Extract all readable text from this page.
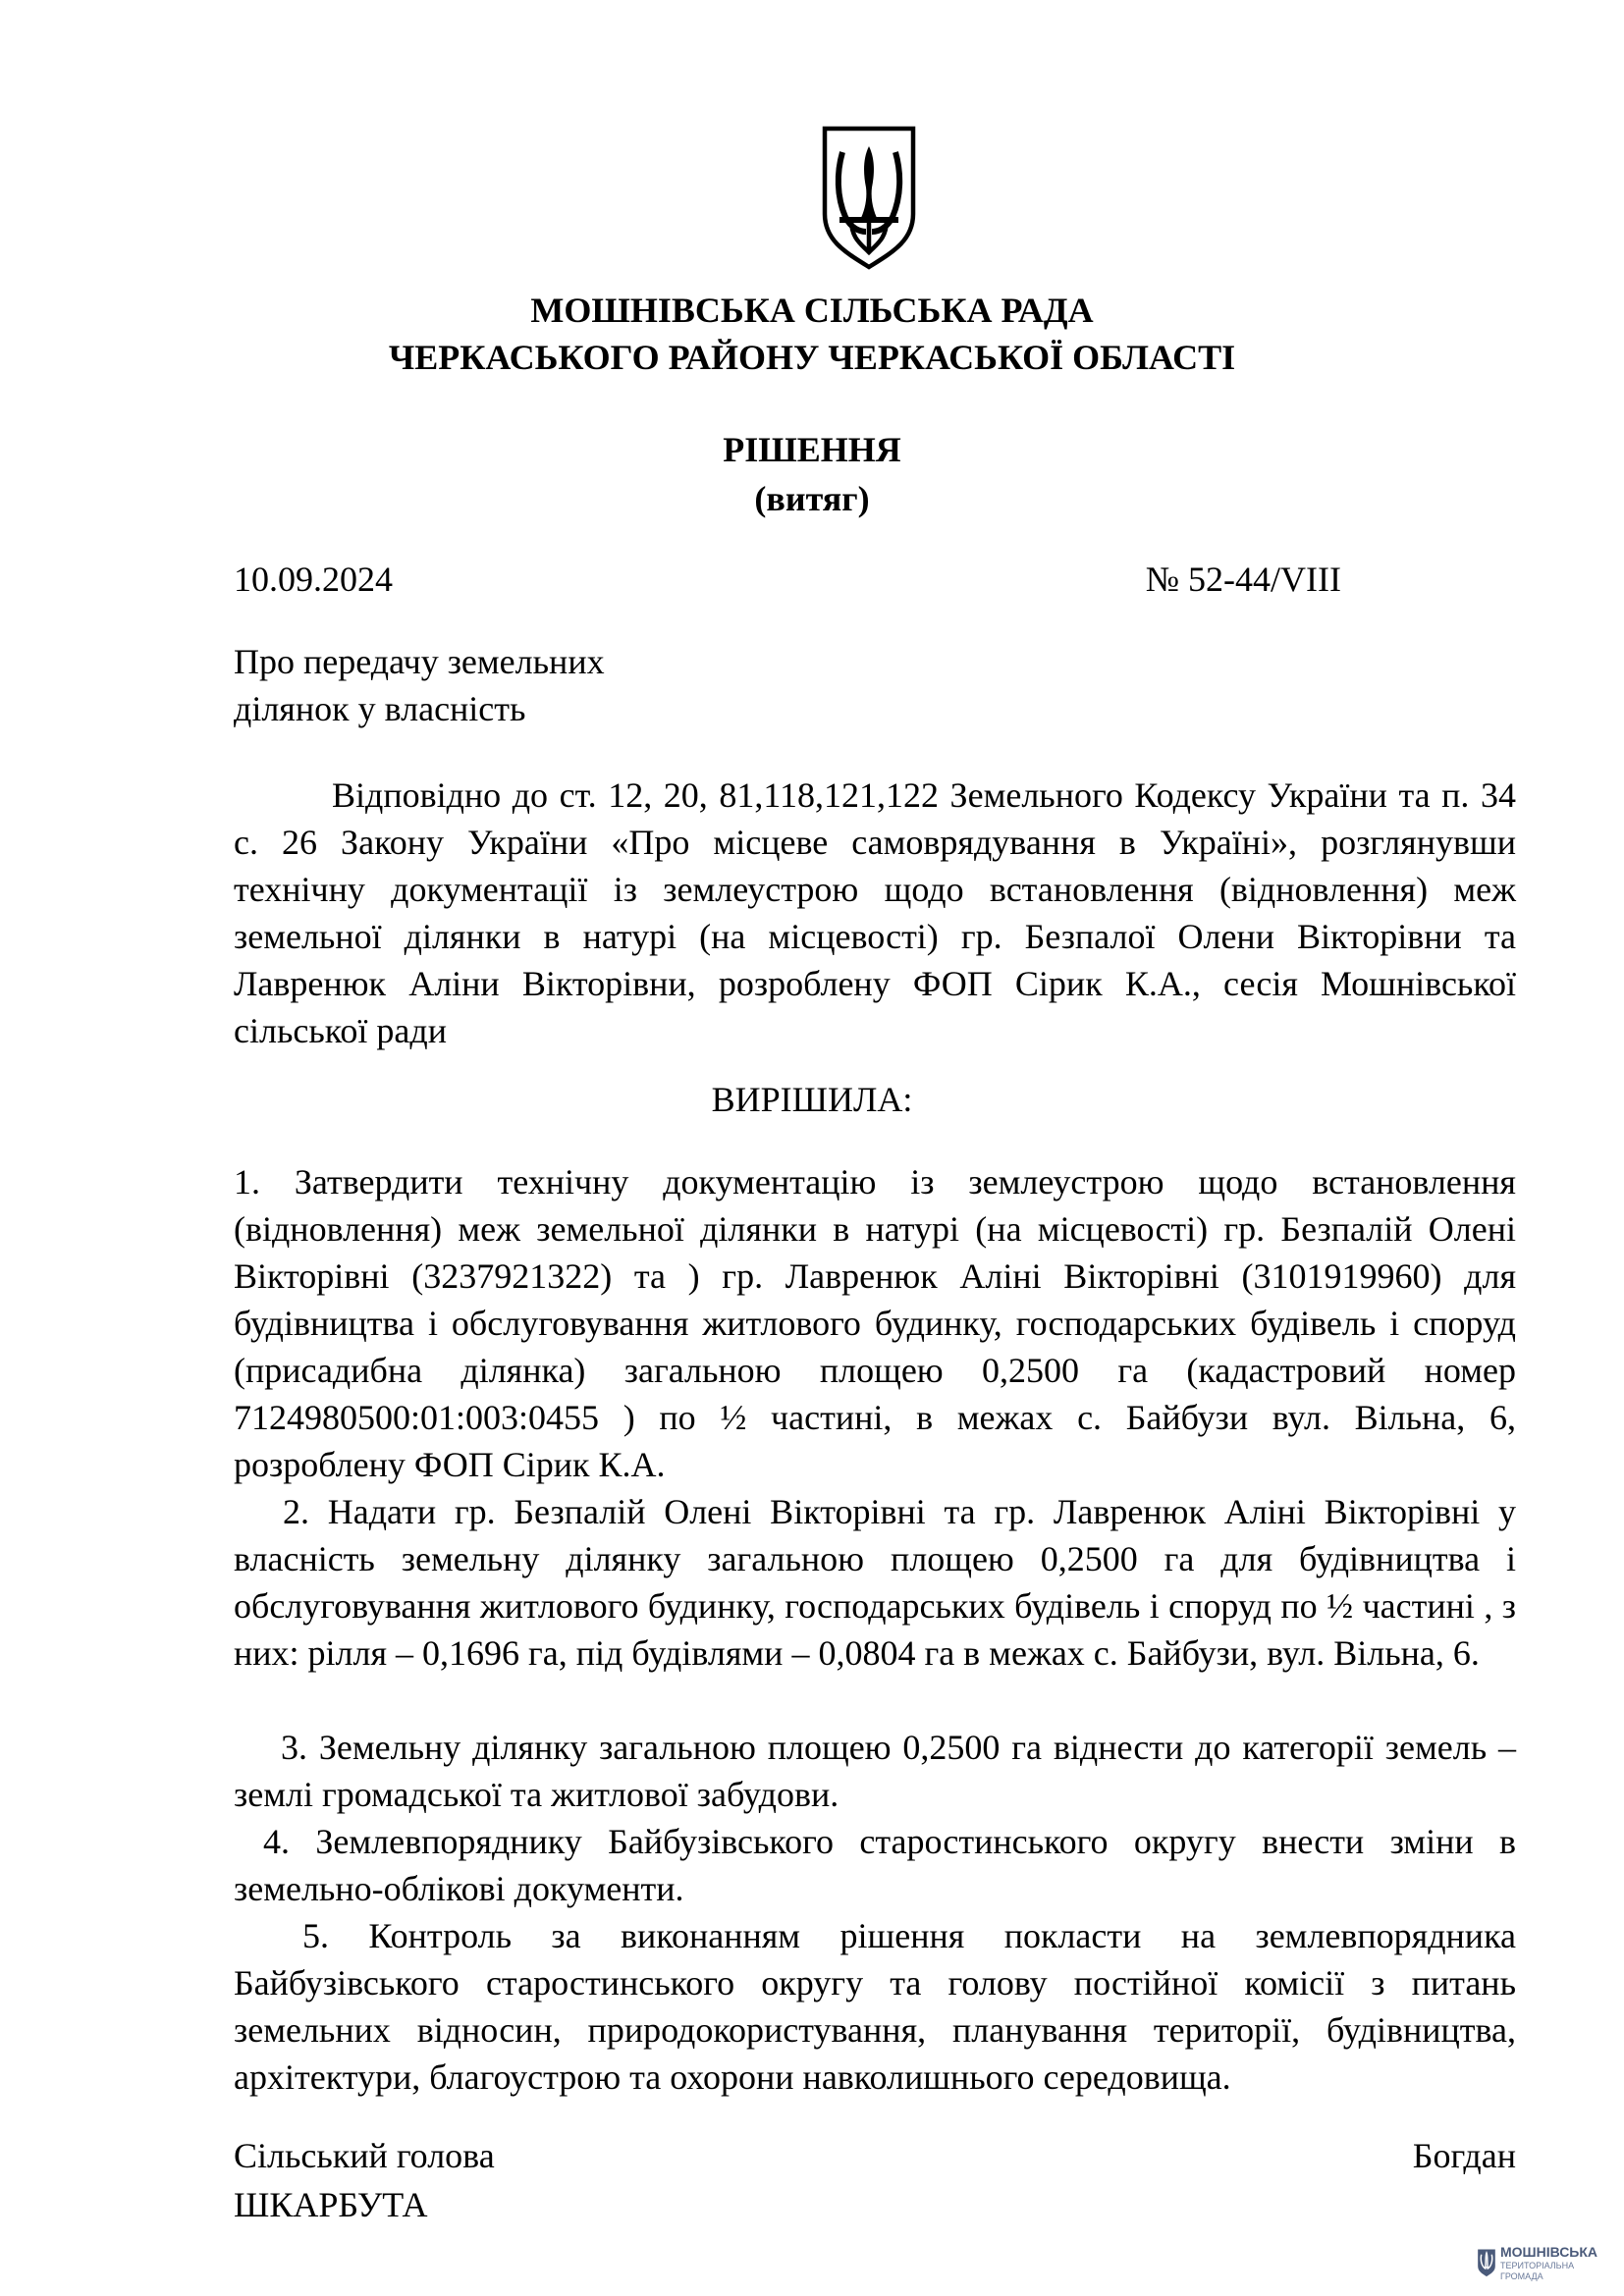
МОШНІВСЬКА СІЛЬСЬКА РАДА
ЧЕРКАСЬКОГО РАЙОНУ ЧЕРКАСЬКОЇ ОБЛАСТІ
РІШЕННЯ
(витяг)
10.09.2024	№ 52-44/VIII
Про передачу земельних
ділянок у власність
Відповідно до ст. 12, 20, 81,118,121,122 Земельного Кодексу України та п. 34 с. 26 Закону України «Про місцеве самоврядування в Україні», розглянувши технічну документації із землеустрою щодо встановлення (відновлення) меж земельної ділянки в натурі (на місцевості) гр. Безпалої Олени Вікторівни та Лавренюк Аліни Вікторівни, розроблену ФОП Сірик К.А., сесія Мошнівської сільської ради
ВИРІШИЛА:
1. Затвердити технічну документацію із землеустрою щодо встановлення (відновлення) меж земельної ділянки в натурі (на місцевості) гр. Безпалій Олені Вікторівні (3237921322) та ) гр. Лавренюк Аліні Вікторівні (3101919960) для будівництва і обслуговування житлового будинку, господарських будівель і споруд (присадибна ділянка) загальною площею 0,2500 га (кадастровий номер 7124980500:01:003:0455 ) по ½ частині, в межах с. Байбузи вул. Вільна, 6, розроблену ФОП Сірик К.А.
2. Надати гр. Безпалій Олені Вікторівні та гр. Лавренюк Аліні Вікторівні у власність земельну ділянку загальною площею 0,2500 га для будівництва і обслуговування житлового будинку, господарських будівель і споруд по ½ частині , з них: рілля – 0,1696 га, під будівлями – 0,0804 га в межах с. Байбузи, вул. Вільна, 6.
3. Земельну ділянку загальною площею 0,2500 га віднести до категорії земель – землі громадської та житлової забудови.
4. Землевпоряднику Байбузівського старостинського округу внести зміни в земельно-облікові документи.
5. Контроль за виконанням рішення покласти на землевпорядника Байбузівського старостинського округу та голову постійної комісії з питань земельних відносин, природокористування, планування території, будівництва, архітектури, благоустрою та охорони навколишнього середовища.
Сільський голова	Богдан
ШКАРБУТА
МОШНІВСЬКА
ТЕРИТОРІАЛЬНА
ГРОМАДА
